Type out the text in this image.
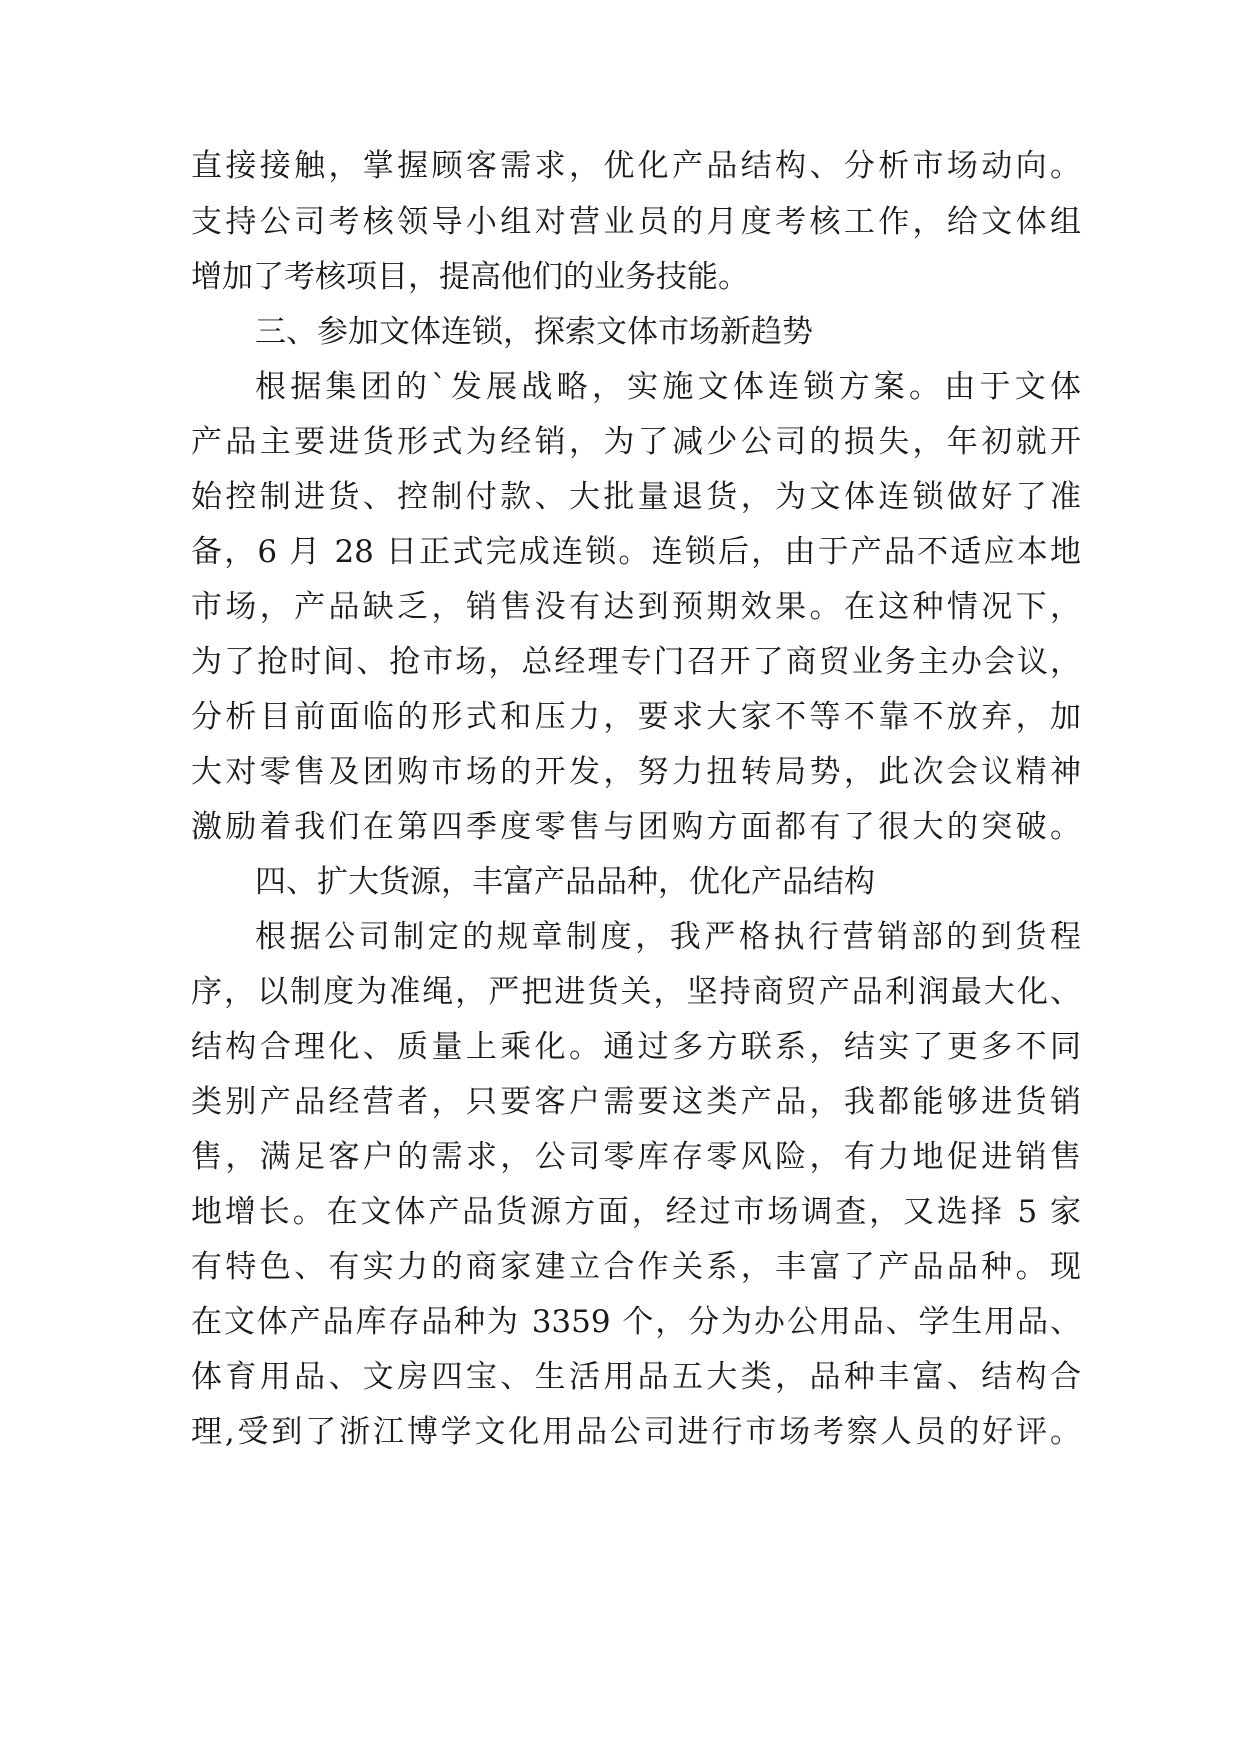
直接接触，掌握顾客需求，优化产品结构、分析市场动向。
支持公司考核领导小组对营业员的月度考核工作，给文体组
增加了考核项目，提高他们的业务技能。
三、参加文体连锁，探索文体市场新趋势
根据集团的`发展战略，实施文体连锁方案。由于文体
产品主要进货形式为经销，为了减少公司的损失，年初就开
始控制进货、控制付款、大批量退货，为文体连锁做好了准
备，6 月 28 日正式完成连锁。连锁后，由于产品不适应本地
市场，产品缺乏，销售没有达到预期效果。在这种情况下，
为了抢时间、抢市场，总经理专门召开了商贸业务主办会议，
分析目前面临的形式和压力，要求大家不等不靠不放弃，加
大对零售及团购市场的开发，努力扭转局势，此次会议精神
激励着我们在第四季度零售与团购方面都有了很大的突破。
四、扩大货源，丰富产品品种，优化产品结构
根据公司制定的规章制度，我严格执行营销部的到货程
序，以制度为准绳，严把进货关，坚持商贸产品利润最大化、
结构合理化、质量上乘化。通过多方联系，结实了更多不同
类别产品经营者，只要客户需要这类产品，我都能够进货销
售，满足客户的需求，公司零库存零风险，有力地促进销售
地增长。在文体产品货源方面，经过市场调查，又选择 5 家
有特色、有实力的商家建立合作关系，丰富了产品品种。现
在文体产品库存品种为 3359 个，分为办公用品、学生用品、
体育用品、文房四宝、生活用品五大类，品种丰富、结构合
理,受到了浙江博学文化用品公司进行市场考察人员的好评。
